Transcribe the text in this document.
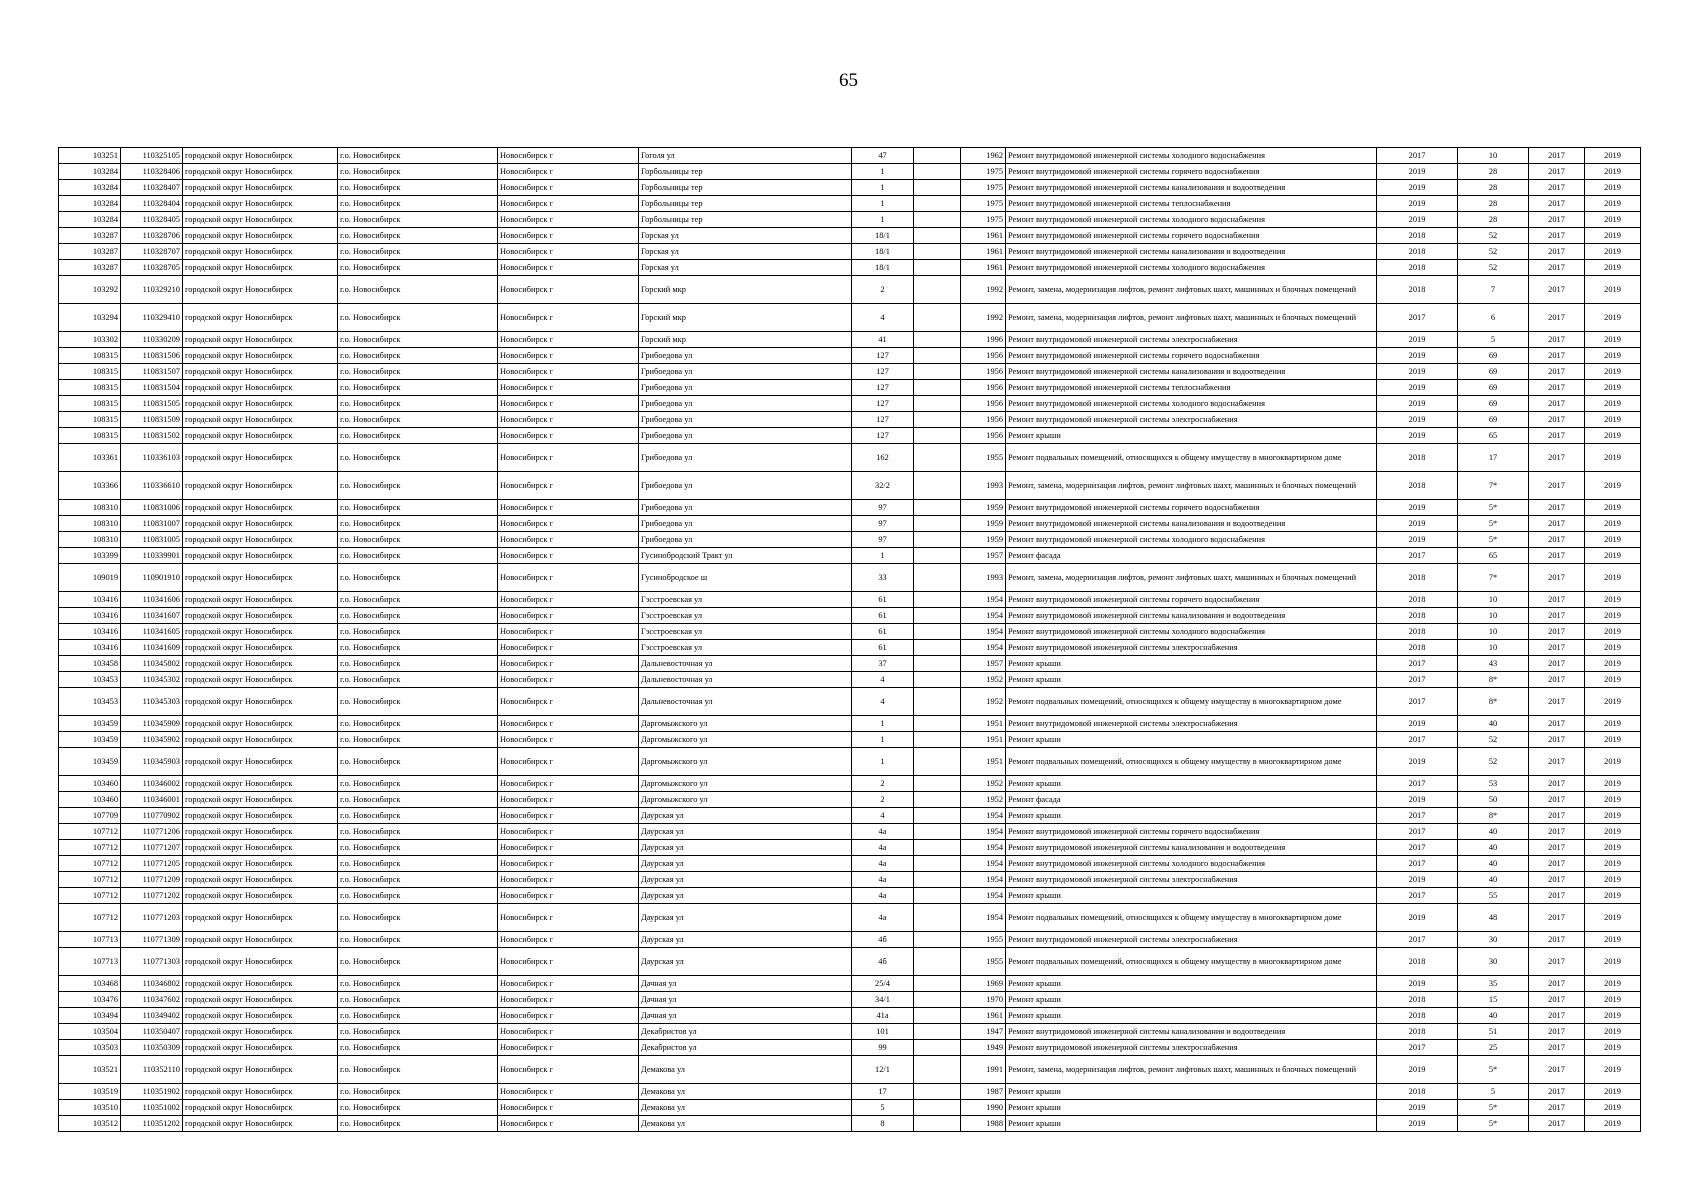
65
103251	110325105	городской округ Новосибирск	г.о. Новосибирск	Новосибирск г	Гоголя ул	47		1962	Ремонт внутридомовой инженерной системы холодного водоснабжения	2017	10	2017	2019
103284	110328406	городской округ Новосибирск	г.о. Новосибирск	Новосибирск г	Горбольницы тер	1		1975	Ремонт внутридомовой инженерной системы горячего водоснабжения	2019	28	2017	2019
103284	110328407	городской округ Новосибирск	г.о. Новосибирск	Новосибирск г	Горбольницы тер	1		1975	Ремонт внутридомовой инженерной системы канализования и водоотведения	2019	28	2017	2019
103284	110328404	городской округ Новосибирск	г.о. Новосибирск	Новосибирск г	Горбольницы тер	1		1975	Ремонт внутридомовой инженерной системы теплоснабжения	2019	28	2017	2019
103284	110328405	городской округ Новосибирск	г.о. Новосибирск	Новосибирск г	Горбольницы тер	1		1975	Ремонт внутридомовой инженерной системы холодного водоснабжения	2019	28	2017	2019
103287	110328706	городской округ Новосибирск	г.о. Новосибирск	Новосибирск г	Горская ул	18/1		1961	Ремонт внутридомовой инженерной системы горячего водоснабжения	2018	52	2017	2019
103287	110328707	городской округ Новосибирск	г.о. Новосибирск	Новосибирск г	Горская ул	18/1		1961	Ремонт внутридомовой инженерной системы канализования и водоотведения	2018	52	2017	2019
103287	110328705	городской округ Новосибирск	г.о. Новосибирск	Новосибирск г	Горская ул	18/1		1961	Ремонт внутридомовой инженерной системы холодного водоснабжения	2018	52	2017	2019
103292	110329210	городской округ Новосибирск	г.о. Новосибирск	Новосибирск г	Горский мкр	2		1992	Ремонт, замена, модернизация лифтов, ремонт лифтовых шахт, машинных и блочных помещений	2018	7	2017	2019
103294	110329410	городской округ Новосибирск	г.о. Новосибирск	Новосибирск г	Горский мкр	4		1992	Ремонт, замена, модернизация лифтов, ремонт лифтовых шахт, машинных и блочных помещений	2017	6	2017	2019
103302	110330209	городской округ Новосибирск	г.о. Новосибирск	Новосибирск г	Горский мкр	41		1996	Ремонт внутридомовой инженерной системы электроснабжения	2019	5	2017	2019
108315	110831506	городской округ Новосибирск	г.о. Новосибирск	Новосибирск г	Грибоедова ул	127		1956	Ремонт внутридомовой инженерной системы горячего водоснабжения	2019	69	2017	2019
108315	110831507	городской округ Новосибирск	г.о. Новосибирск	Новосибирск г	Грибоедова ул	127		1956	Ремонт внутридомовой инженерной системы канализования и водоотведения	2019	69	2017	2019
108315	110831504	городской округ Новосибирск	г.о. Новосибирск	Новосибирск г	Грибоедова ул	127		1956	Ремонт внутридомовой инженерной системы теплоснабжения	2019	69	2017	2019
108315	110831505	городской округ Новосибирск	г.о. Новосибирск	Новосибирск г	Грибоедова ул	127		1956	Ремонт внутридомовой инженерной системы холодного водоснабжения	2019	69	2017	2019
108315	110831509	городской округ Новосибирск	г.о. Новосибирск	Новосибирск г	Грибоедова ул	127		1956	Ремонт внутридомовой инженерной системы электроснабжения	2019	69	2017	2019
108315	110831502	городской округ Новосибирск	г.о. Новосибирск	Новосибирск г	Грибоедова ул	127		1956	Ремонт крыши	2019	65	2017	2019
103361	110336103	городской округ Новосибирск	г.о. Новосибирск	Новосибирск г	Грибоедова ул	162		1955	Ремонт подвальных помещений, относящихся к общему имуществу в многоквартирном доме	2018	17	2017	2019
103366	110336610	городской округ Новосибирск	г.о. Новосибирск	Новосибирск г	Грибоедова ул	32/2		1993	Ремонт, замена, модернизация лифтов, ремонт лифтовых шахт, машинных и блочных помещений	2018	7*	2017	2019
108310	110831006	городской округ Новосибирск	г.о. Новосибирск	Новосибирск г	Грибоедова ул	97		1959	Ремонт внутридомовой инженерной системы горячего водоснабжения	2019	5*	2017	2019
108310	110831007	городской округ Новосибирск	г.о. Новосибирск	Новосибирск г	Грибоедова ул	97		1959	Ремонт внутридомовой инженерной системы канализования и водоотведения	2019	5*	2017	2019
108310	110831005	городской округ Новосибирск	г.о. Новосибирск	Новосибирск г	Грибоедова ул	97		1959	Ремонт внутридомовой инженерной системы холодного водоснабжения	2019	5*	2017	2019
103399	110339901	городской округ Новосибирск	г.о. Новосибирск	Новосибирск г	Гусинобродский Тракт ул	1		1957	Ремонт фасада	2017	65	2017	2019
109019	110901910	городской округ Новосибирск	г.о. Новосибирск	Новосибирск г	Гусинобродское ш	33		1993	Ремонт, замена, модернизация лифтов, ремонт лифтовых шахт, машинных и блочных помещений	2018	7*	2017	2019
103416	110341606	городской округ Новосибирск	г.о. Новосибирск	Новосибирск г	Гэсстроевская ул	61		1954	Ремонт внутридомовой инженерной системы горячего водоснабжения	2018	10	2017	2019
103416	110341607	городской округ Новосибирск	г.о. Новосибирск	Новосибирск г	Гэсстроевская ул	61		1954	Ремонт внутридомовой инженерной системы канализования и водоотведения	2018	10	2017	2019
103416	110341605	городской округ Новосибирск	г.о. Новосибирск	Новосибирск г	Гэсстроевская ул	61		1954	Ремонт внутридомовой инженерной системы холодного водоснабжения	2018	10	2017	2019
103416	110341609	городской округ Новосибирск	г.о. Новосибирск	Новосибирск г	Гэсстроевская ул	61		1954	Ремонт внутридомовой инженерной системы электроснабжения	2018	10	2017	2019
103458	110345802	городской округ Новосибирск	г.о. Новосибирск	Новосибирск г	Дальневосточная ул	37		1957	Ремонт крыши	2017	43	2017	2019
103453	110345302	городской округ Новосибирск	г.о. Новосибирск	Новосибирск г	Дальневосточная ул	4		1952	Ремонт крыши	2017	8*	2017	2019
103453	110345303	городской округ Новосибирск	г.о. Новосибирск	Новосибирск г	Дальневосточная ул	4		1952	Ремонт подвальных помещений, относящихся к общему имуществу в многоквартирном доме	2017	8*	2017	2019
103459	110345909	городской округ Новосибирск	г.о. Новосибирск	Новосибирск г	Даргомыжского ул	1		1951	Ремонт внутридомовой инженерной системы электроснабжения	2019	40	2017	2019
103459	110345902	городской округ Новосибирск	г.о. Новосибирск	Новосибирск г	Даргомыжского ул	1		1951	Ремонт крыши	2017	52	2017	2019
103459	110345903	городской округ Новосибирск	г.о. Новосибирск	Новосибирск г	Даргомыжского ул	1		1951	Ремонт подвальных помещений, относящихся к общему имуществу в многоквартирном доме	2019	52	2017	2019
103460	110346002	городской округ Новосибирск	г.о. Новосибирск	Новосибирск г	Даргомыжского ул	2		1952	Ремонт крыши	2017	53	2017	2019
103460	110346001	городской округ Новосибирск	г.о. Новосибирск	Новосибирск г	Даргомыжского ул	2		1952	Ремонт фасада	2019	50	2017	2019
107709	110770902	городской округ Новосибирск	г.о. Новосибирск	Новосибирск г	Даурская ул	4		1954	Ремонт крыши	2017	8*	2017	2019
107712	110771206	городской округ Новосибирск	г.о. Новосибирск	Новосибирск г	Даурская ул	4а		1954	Ремонт внутридомовой инженерной системы горячего водоснабжения	2017	40	2017	2019
107712	110771207	городской округ Новосибирск	г.о. Новосибирск	Новосибирск г	Даурская ул	4а		1954	Ремонт внутридомовой инженерной системы канализования и водоотведения	2017	40	2017	2019
107712	110771205	городской округ Новосибирск	г.о. Новосибирск	Новосибирск г	Даурская ул	4а		1954	Ремонт внутридомовой инженерной системы холодного водоснабжения	2017	40	2017	2019
107712	110771209	городской округ Новосибирск	г.о. Новосибирск	Новосибирск г	Даурская ул	4а		1954	Ремонт внутридомовой инженерной системы электроснабжения	2019	40	2017	2019
107712	110771202	городской округ Новосибирск	г.о. Новосибирск	Новосибирск г	Даурская ул	4а		1954	Ремонт крыши	2017	55	2017	2019
107712	110771203	городской округ Новосибирск	г.о. Новосибирск	Новосибирск г	Даурская ул	4а		1954	Ремонт подвальных помещений, относящихся к общему имуществу в многоквартирном доме	2019	48	2017	2019
107713	110771309	городской округ Новосибирск	г.о. Новосибирск	Новосибирск г	Даурская ул	4б		1955	Ремонт внутридомовой инженерной системы электроснабжения	2017	30	2017	2019
107713	110771303	городской округ Новосибирск	г.о. Новосибирск	Новосибирск г	Даурская ул	4б		1955	Ремонт подвальных помещений, относящихся к общему имуществу в многоквартирном доме	2018	30	2017	2019
103468	110346802	городской округ Новосибирск	г.о. Новосибирск	Новосибирск г	Дачная ул	25/4		1969	Ремонт крыши	2019	35	2017	2019
103476	110347602	городской округ Новосибирск	г.о. Новосибирск	Новосибирск г	Дачная ул	34/1		1970	Ремонт крыши	2018	15	2017	2019
103494	110349402	городской округ Новосибирск	г.о. Новосибирск	Новосибирск г	Дачная ул	41а		1961	Ремонт крыши	2018	40	2017	2019
103504	110350407	городской округ Новосибирск	г.о. Новосибирск	Новосибирск г	Декабристов ул	101		1947	Ремонт внутридомовой инженерной системы канализования и водоотведения	2018	51	2017	2019
103503	110350309	городской округ Новосибирск	г.о. Новосибирск	Новосибирск г	Декабристов ул	99		1949	Ремонт внутридомовой инженерной системы электроснабжения	2017	25	2017	2019
103521	110352110	городской округ Новосибирск	г.о. Новосибирск	Новосибирск г	Демакова ул	12/1		1991	Ремонт, замена, модернизация лифтов, ремонт лифтовых шахт, машинных и блочных помещений	2019	5*	2017	2019
103519	110351902	городской округ Новосибирск	г.о. Новосибирск	Новосибирск г	Демакова ул	17		1987	Ремонт крыши	2018	5	2017	2019
103510	110351002	городской округ Новосибирск	г.о. Новосибирск	Новосибирск г	Демакова ул	5		1990	Ремонт крыши	2019	5*	2017	2019
103512	110351202	городской округ Новосибирск	г.о. Новосибирск	Новосибирск г	Демакова ул	8		1988	Ремонт крыши	2019	5*	2017	2019
